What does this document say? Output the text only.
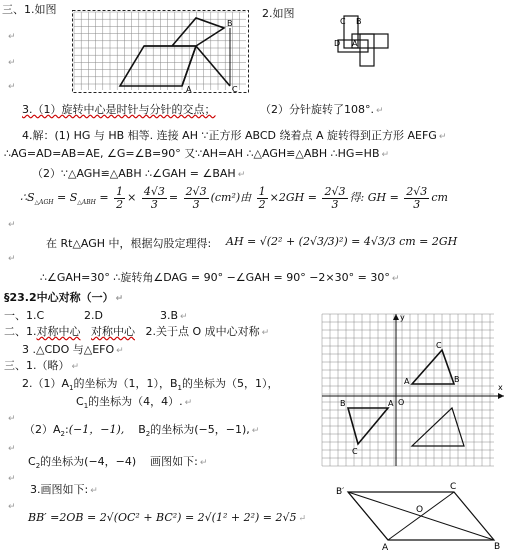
三、1.如图
↵
↵
↵
2.如图
B
A	C
C B
D A
3.（1）旋转中心是时针与分针的交点；	（2）分针旋转了108°. ↵
4.解：(1) HG 与 HB 相等. 连接 AH ∵正方形 ABCD 绕着点 A 旋转得到正方形 AEFG ↵
∴AG=AD=AB=AE, ∠G=∠B=90° 又∵AH=AH ∴△AGH≌△ABH ∴HG=HB ↵
（2）∵△AGH≌△ABH ∴∠GAH = ∠BAH ↵
$\therefore S_{\triangle AGH} = S_{\triangle ABH} = \frac{1}{2} \times \frac{4√3}{3} = \frac{2√3}{3} (cm^2)$由 $\frac{1}{2} \times 2GH = \frac{2√3}{3}$ 得: GH = $\frac{2√3}{3}$ cm
↵
在 Rt△AGH 中，根据勾股定理得: AH = √(2² + (2√3/3)²) = 4√3/3 cm = 2GH
↵
∴∠GAH=30° ∴旋转角∠DAG = 90° −∠GAH = 90° −2×30° = 30° ↵
§23.2中心对称（一） ↵
一、1.C	2.D	3.B ↵
二、1.对称中心 对称中心 2.关于点 O 成中心对称 ↵
3 .△CDO 与△EFO ↵
三、1.（略） ↵
$2.(1)A_1$的坐标为（1，1），$B_1$的坐标为（5，1），
$C_1$的坐标为（4，4）. ↵
↵
$(2)A_2:(-1$，−1), $B_2$的坐标为(−5，−1), ↵
↵
$C_2$的坐标为(−4，−4) 画图如下: ↵
↵
3.画图如下: ↵
↵
BB′ =2OB = 2√(OC² + BC²) = 2√(1² + 2²) = 2√5 ↵
y
x
O
C
A	B
B	A
C
B′	C
O
A	B
